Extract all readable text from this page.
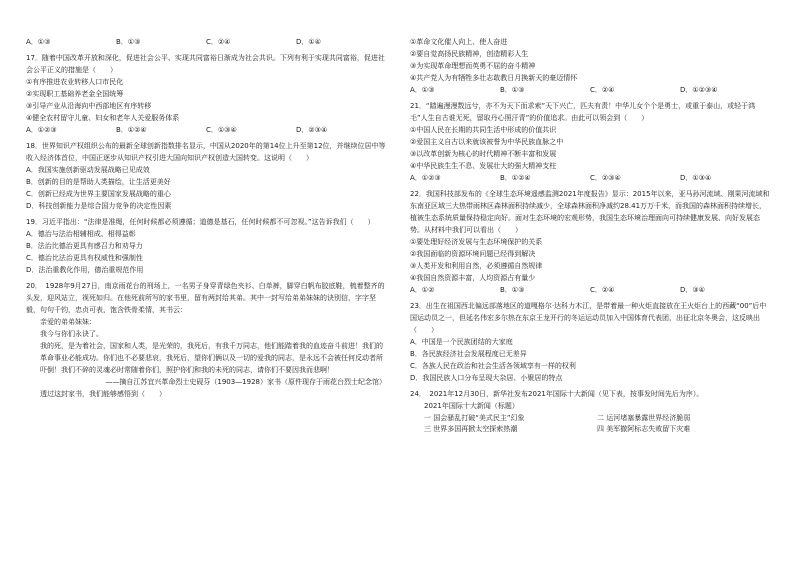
A．①③	B．①③	C．②④	D．①④
17．随着中国改革开放和深化，促进社会公平、实现共同富裕日渐成为社会共识。下列有利于实现共同富裕，促进社会公平正义的措施是（　　）
①有序推进农业转移人口市民化
②实现职工基础养老金全国统筹
③引导产业从沿海向中西部地区有序转移
④健全农村留守儿童、妇女和老年人关爱服务体系
A．①②③	B．①②④	C．①③④	D．②③④
18．世界知识产权组织公布的最新全球创新指数排名显示，中国从2020年的第14位上升至第12位，并继续位居中等收入经济体首位，中国正逐步从知识产权引进大国向知识产权创造大国转变。这说明（　　）
A．我国实施创新驱动发展战略已见成效
B．创新的目的是帮助人类描绘，让生活更美好
C．创新已经成为世界主要国家发展战略的重心
D．科技创新能力是综合国力竞争的决定性因素
19．习近平指出：“法律是准绳，任何时候都必须遵循；道德是基石，任何时候都不可忽视。”这告诉我们（　　）
A．德治与法治相辅相成、相得益彰
B．法治比德治更具有感召力和劝导力
C．德治比法治更具有权威性和强制性
D．法治重教化作用，德治重规范作用
20．　1928年9月27日，南京雨花台的刑场上，一名男子身穿青绿色夹衫、白单裤，脚穿白帆布胶底鞋，梳着整齐的头发，迎风站立，视死如归。在他死前所写的家书里，留有两封给其弟。其中一封写给弟弟妹妹的诀别信，字字坚毅，句句千钧，忠贞可表，饱含铁骨柔情，其书云：
亲爱的弟弟妹妹：
我今与你们永诀了。
我的死，是为着社会，国家和人类，是光荣的，我死后，有我千万同志，他们能踏着我的血迹奋斗前进！我们的革命事业必能成功。你们也不必要悲哀，我死后，望你们俩以及一切的爱我的同志，是永远不会被任何反动者所吓倒！我们不碎的灵魂必时常随着你们，照护你们和我的未死的同志，请你们不要因我而悲啊！
——摘自江苏宜兴革命烈士史砚芬（1903—1928）家书（原件现存于雨花台烈士纪念馆）
透过这封家书，我们能够感悟到（　　）
①革命文化催人向上、使人奋进
②要自觉高扬民族精神，创造精彩人生
③为实现革命理想而英勇不屈的奋斗精神
④共产党人为有牺牲多壮志敢教日月换新天的豪迈情怀
A．①③	B．①③	C．②④	D．①②③④
21．“踏遍漫漫数远兮，亦不为天下而求索”天下兴亡，匹夫有责！中华儿女个个是勇士，或重于泰山，或轻于鸿毛”人生自古谁无死，留取丹心照汗青”的价值追求。由此可以领会到（　　）
①中国人民在长期的共同生活中形成的价值共识
②爱国主义自古以来就该被誉为中华民族血脉之中
③以改革创新为核心的时代精神不断丰富和发展
④中华民族生生不息、发展壮大的强大精神支柱
A．①②③	B．①②④	C．②③④	D．①③④
22．我国科技部发布的《全球生态环境遥感监测2021年度报告》显示：2015年以来，亚马孙河流域、刚果河流域和东南亚区域三大热带雨林区森林面积持续减少，全球森林面积净减约28.41万万千米，而我国的森林面积持续增长，植被生态系统质量保持稳定向好。面对生态环境的宏观形势，我国生态环境治理面向可持续健康发展、向好发展态势。从材料中我们可以看出（　　）
①要处理好经济发展与生态环境保护的关系
②我国面临的资源环境问题已经得到解决
③人类开发和利用自然，必须遵循自然规律
④我国自然资源丰富，人均资源占有量少
A．①②	B．①③	C．②④	D．③④
23．出生在祖国西北偏远部落地区的道嘎格尔·达科力木江，是带着最一种火炬直接放在王火炬台上的西藏“00”后中国运动员之一，但延名伟宏多尔热在东京王龙开行的冬运运动员加入中国体育代表团，出征北京冬奥会，这反映出（　　）
A．中国是一个民族团结的大家庭
B．各民族经济社会发展程度已无差异
C．各族人民在政治和社会生活各领域享有一样的权利
D．我国民族人口分布呈现大杂居、小聚居的特点
24．　2021年12月30日，新华社发布2021年国际十大新闻（见下表，按事发时间先后为序）。
2021年国际十大新闻（标题）
一 国会骚乱打破“美式民主”幻象	二 运河堵塞暴露世界经济脆弱
三 世界多国再掀太空探索热潮	四 美军撤阿标志失败留下灾难
